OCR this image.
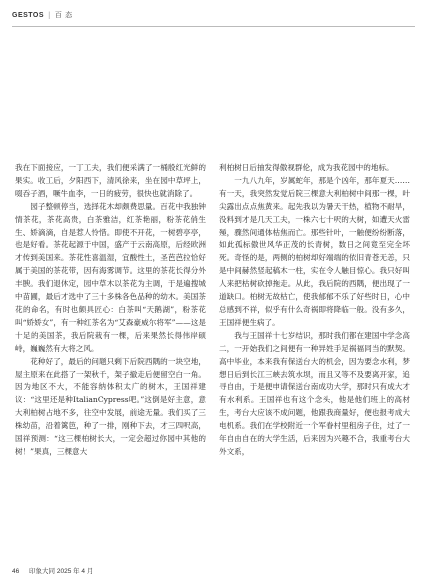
GESTOS | 百 态

我在下面接应，一丁工夫，我们便采满了一桶殷红光鲜的果实。收工后，夕阳西下，清风徐来，坐在园中草坪上，啜吞子酒，噘牛血李，一日的疲劳，很快也就消除了。

园子整顿停当，选择花木却颇费思量。百花中我独钟情茶花，茶花高贵，白茶雅洁，红茶艳丽，粉茶花俏生生、娇滴滴，自是惹人怜惜。即使不开花，一树碧亭亭，也是好看。茶花起源于中国，盛产于云南高原，后经欧洲才传到美国来。茶花性喜温湿，宜酸性土，圣芭芭拉恰好属于美国的茶花带，因有海雾调节。这里的茶花长得分外丰腴。我们退休定，园中草木以茶花为主调，于是遍搜城中苗圃，最后才选中了三十多株各色品种的幼木。美国茶花的命名，有时也颇具匠心：白茶叫“天鹅湖”，粉茶花叫“娇娇女”，有一种红茶名为“艾森豪威尔将军”——这是十足的美国茶，我后院栽有一棵，后来果然长得伟岸硕峙，巍巍然有大将之风。

花种好了，最后的问题只剩下后院西隅的一块空地，屋主原来在此搭了一架秋千，架子撤走后便留空白一角。因为地区不大，不能容纳体积太广的树木，王国祥建议：“这里还是种ItalianCypress吧。”这倒是好主意，意大利柏树占地不多，往空中发展，前途无量。我们买了三株幼苗，沿着篱笆，种了一排，刚种下去，才三四呎高，国祥预测：“这三棵柏树长大，一定会超过你园中其他的树！”果真，三棵意大

利柏树日后抽发得傲视群伦，成为我花园中的地标。

一九八九年，岁属蛇年，那是个凶年，那年夏天……有一天，我突然发觉后院三棵意大利柏树中间那一棵，叶尖露出点点焦黄来。起先我以为暑天干热，植物不耐旱，没料到才是几天工夫，一株六七十呎的大树，如遭天火雷殛，骤然间通体枯焦而亡。那些针叶，一触便纷纷断落，如此孤标傲世风华正茂的长青树，数日之间竟至完全坏死。奇怪的是，两侧的柏树却好端端的依旧青苍无恙，只是中间赫然竖起稿木一柱，实在令人触目惊心。我只好叫人来把枯树砍掉拖走。从此，我后院的西隅，便出现了一道缺口。柏树无故枯亡，使我郁郁不乐了好些时日，心中总感到不祥，似乎有什么奇祸即将降临一般。没有多久，王国祥便生病了。

我与王国祥十七岁结识，那时我们都在建国中学念高二，一开始我们之间便有一种异姓手足祸福同当的默契。高中毕业，本来我有保送台大的机会，因为要念水利，梦想日后到长江三峡去筑水坝，而且又等不及要离开家，追寻自由，于是便申请保送台南成功大学，那时只有成大才有水利系。王国祥也有这个念头，他是他们班上的高材生，考台大应该不成问题，他跟我商量好，便也报考成大电机系。我们在学校附近一个军眷村里租房子住，过了一年自由自在的大学生活，后来因为兴趣不合，我重考台大外文系，

46 印象大同 2025 年 4 月
